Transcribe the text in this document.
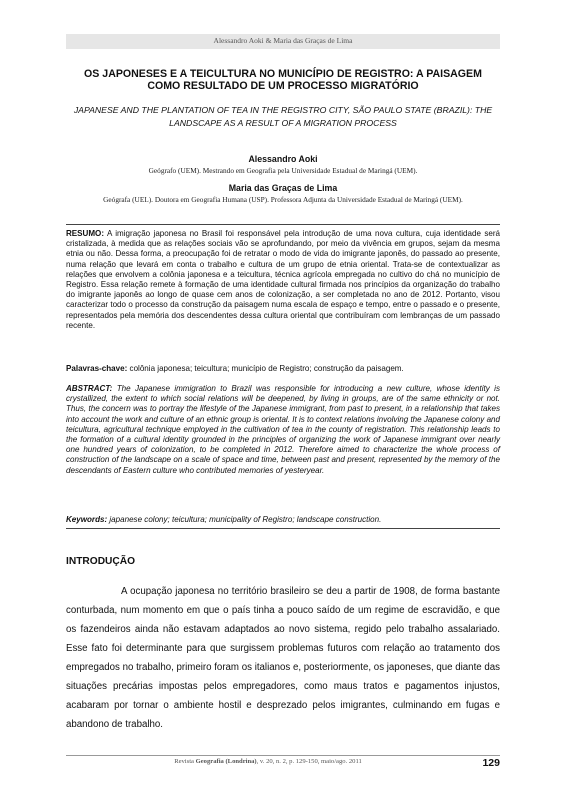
Alessandro Aoki & Maria das Graças de Lima
OS JAPONESES E A TEICULTURA NO MUNICÍPIO DE REGISTRO: A PAISAGEM
COMO RESULTADO DE UM PROCESSO MIGRATÓRIO
JAPANESE AND THE PLANTATION OF TEA IN THE REGISTRO CITY, SÃO PAULO STATE (BRAZIL): THE
LANDSCAPE AS A RESULT OF A MIGRATION PROCESS
Alessandro Aoki
Geógrafo (UEM). Mestrando em Geografia pela Universidade Estadual de Maringá (UEM).
Maria das Graças de Lima
Geógrafa (UEL). Doutora em Geografia Humana (USP). Professora Adjunta da Universidade Estadual de Maringá (UEM).
RESUMO: A imigração japonesa no Brasil foi responsável pela introdução de uma nova cultura, cuja identidade será cristalizada, à medida que as relações sociais vão se aprofundando, por meio da vivência em grupos, sejam da mesma etnia ou não. Dessa forma, a preocupação foi de retratar o modo de vida do imigrante japonês, do passado ao presente, numa relação que levará em conta o trabalho e cultura de um grupo de etnia oriental. Trata-se de contextualizar as relações que envolvem a colônia japonesa e a teicultura, técnica agrícola empregada no cultivo do chá no município de Registro. Essa relação remete à formação de uma identidade cultural firmada nos princípios da organização do trabalho do imigrante japonês ao longo de quase cem anos de colonização, a ser completada no ano de 2012. Portanto, visou caracterizar todo o processo da construção da paisagem numa escala de espaço e tempo, entre o passado e o presente, representados pela memória dos descendentes dessa cultura oriental que contribuíram com lembranças de um passado recente.
Palavras-chave: colônia japonesa; teicultura; município de Registro; construção da paisagem.
ABSTRACT: The Japanese immigration to Brazil was responsible for introducing a new culture, whose identity is crystallized, the extent to which social relations will be deepened, by living in groups, are of the same ethnicity or not. Thus, the concern was to portray the lifestyle of the Japanese immigrant, from past to present, in a relationship that takes into account the work and culture of an ethnic group is oriental. It is to context relations involving the Japanese colony and teicultura, agricultural technique employed in the cultivation of tea in the county of registration. This relationship leads to the formation of a cultural identity grounded in the principles of organizing the work of Japanese immigrant over nearly one hundred years of colonization, to be completed in 2012. Therefore aimed to characterize the whole process of construction of the landscape on a scale of space and time, between past and present, represented by the memory of the descendants of Eastern culture who contributed memories of yesteryear.
Keywords: japanese colony; teicultura; municipality of Registro; landscape construction.
INTRODUÇÃO
A ocupação japonesa no território brasileiro se deu a partir de 1908, de forma bastante conturbada, num momento em que o país tinha a pouco saído de um regime de escravidão, e que os fazendeiros ainda não estavam adaptados ao novo sistema, regido pelo trabalho assalariado. Esse fato foi determinante para que surgissem problemas futuros com relação ao tratamento dos empregados no trabalho, primeiro foram os italianos e, posteriormente, os japoneses, que diante das situações precárias impostas pelos empregadores, como maus tratos e pagamentos injustos, acabaram por tornar o ambiente hostil e desprezado pelos imigrantes, culminando em fugas e abandono de trabalho.
Revista Geografia (Londrina), v. 20, n. 2, p. 129-150, maio/ago. 2011	129
